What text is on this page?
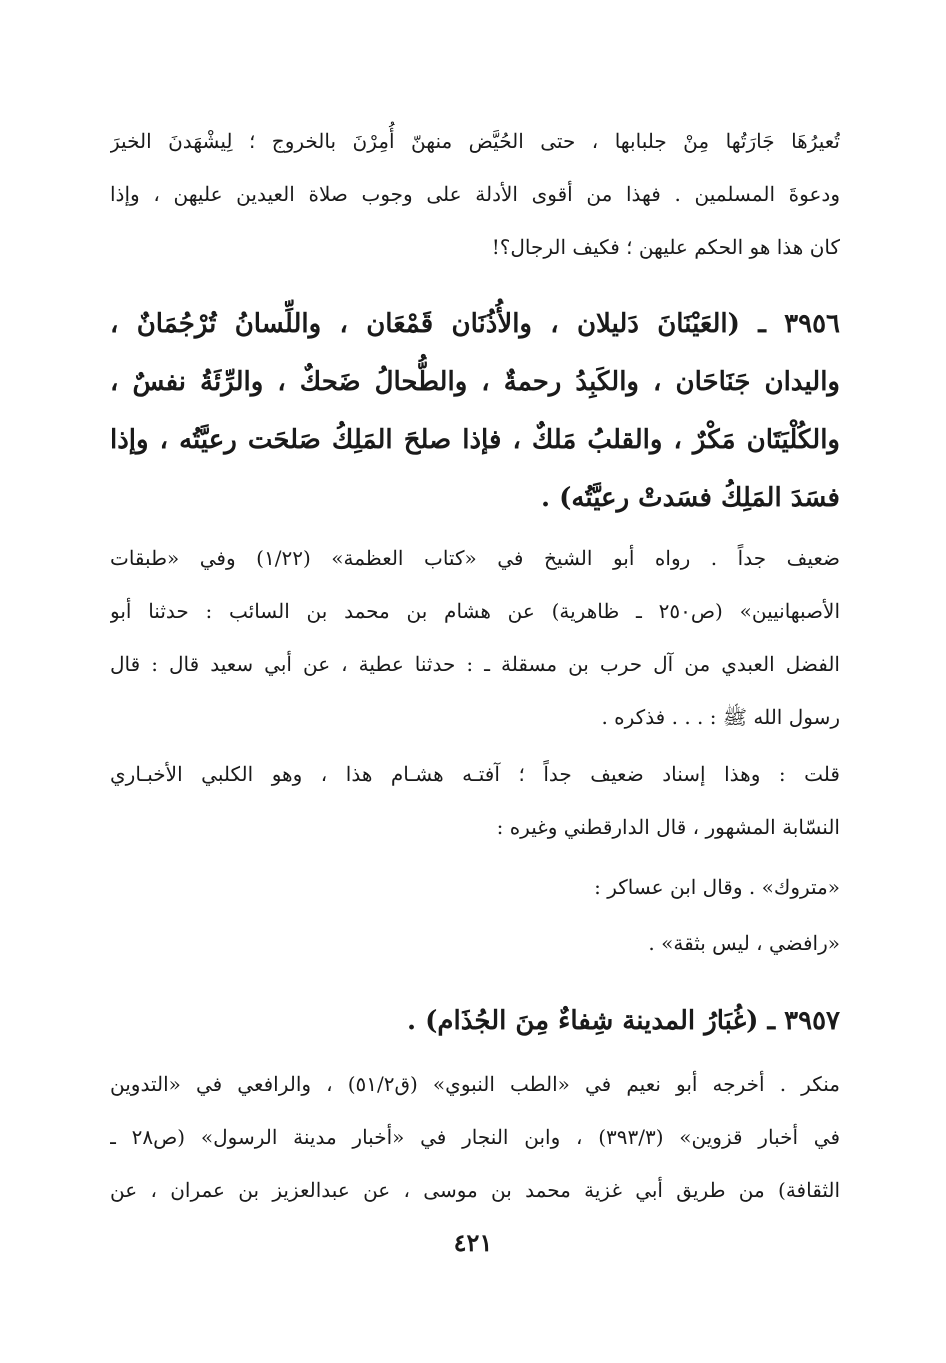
تُعيرُهَا جَارَتُها مِنْ جلبابها ، حتى الحُيَّض منهنّ أُمِرْنَ بالخروج ؛ لِيشْهَدنَ الخيرَ
ودعوةَ المسلمين . فهذا من أقوى الأدلة على وجوب صلاة العيدين عليهن ، وإذا
كان هذا هو الحكم عليهن ؛ فكيف الرجال؟!
٣٩٥٦ ـ (العَيْنَانَ دَليلان ، والأُذُنَان قَمْعَان ، واللِّسانُ تُرْجُمَانٌ ،
واليدان جَنَاحَان ، والكَبِدُ رحمةٌ ، والطُّحالُ ضَحكٌ ، والرِّئَةُ نفسٌ ،
والكُلْيَتَان مَكْرٌ ، والقلبُ مَلكٌ ، فإذا صلحَ المَلِكُ صَلحَت رعيَّتُه ، وإذا
فسَدَ المَلِكُ فسَدتْ رعيَّتُه) .
ضعيف جداً . رواه أبو الشيخ في «كتاب العظمة» (١/٢٢) وفي «طبقات
الأصبهانيين» (ص٢٥٠ ـ ظاهرية) عن هشام بن محمد بن السائب : حدثنا أبو
الفضل العبدي من آل حرب بن مسقلة ـ : حدثنا عطية ، عن أبي سعيد قال : قال
رسول الله ﷺ : . . . فذكره .
قلت : وهذا إسناد ضعيف جداً ؛ آفتـه هشـام هذا ، وهو الكلبي الأخبـاري
النسّابة المشهور ، قال الدارقطني وغيره :
«متروك» . وقال ابن عساكر :
«رافضي ، ليس بثقة» .
٣٩٥٧ ـ (غُبَارُ المدينة شِفاءٌ مِنَ الجُذَام) .
منكر . أخرجه أبو نعيم في «الطب النبوي» (ق٥١/٢) ، والرافعي في «التدوين
في أخبار قزوين» (٣٩٣/٣) ، وابن النجار في «أخبار مدينة الرسول» (ص٢٨ ـ
الثقافة) من طريق أبي غزية محمد بن موسى ، عن عبدالعزيز بن عمران ، عن
٤٢١
